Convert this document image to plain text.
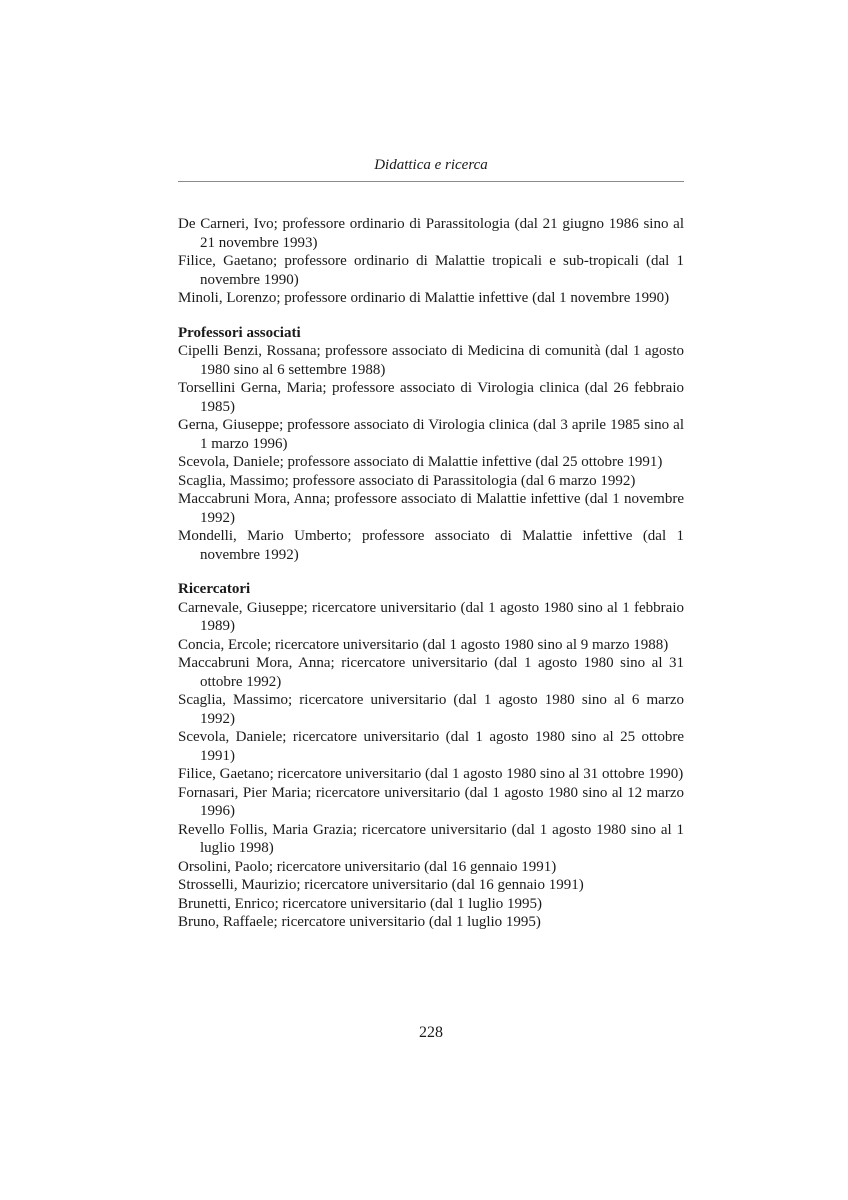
Didattica e ricerca

De Carneri, Ivo; professore ordinario di Parassitologia (dal 21 giugno 1986 sino al 21 novembre 1993)

Filice, Gaetano; professore ordinario di Malattie tropicali e sub-tropicali (dal 1 novembre 1990)

Minoli, Lorenzo; professore ordinario di Malattie infettive (dal 1 novembre 1990)

Professori associati

Cipelli Benzi, Rossana; professore associato di Medicina di comunità (dal 1 agosto 1980 sino al 6 settembre 1988)

Torsellini Gerna, Maria; professore associato di Virologia clinica (dal 26 febbraio 1985)

Gerna, Giuseppe; professore associato di Virologia clinica (dal 3 aprile 1985 sino al 1 marzo 1996)

Scevola, Daniele; professore associato di Malattie infettive (dal 25 ottobre 1991)

Scaglia, Massimo; professore associato di Parassitologia (dal 6 marzo 1992)

Maccabruni Mora, Anna; professore associato di Malattie infettive (dal 1 novembre 1992)

Mondelli, Mario Umberto; professore associato di Malattie infettive (dal 1 novembre 1992)

Ricercatori

Carnevale, Giuseppe; ricercatore universitario (dal 1 agosto 1980 sino al 1 febbraio 1989)

Concia, Ercole; ricercatore universitario (dal 1 agosto 1980 sino al 9 marzo 1988)

Maccabruni Mora, Anna; ricercatore universitario (dal 1 agosto 1980 sino al 31 ottobre 1992)

Scaglia, Massimo; ricercatore universitario (dal 1 agosto 1980 sino al 6 marzo 1992)

Scevola, Daniele; ricercatore universitario (dal 1 agosto 1980 sino al 25 ottobre 1991)

Filice, Gaetano; ricercatore universitario (dal 1 agosto 1980 sino al 31 ottobre 1990)

Fornasari, Pier Maria; ricercatore universitario (dal 1 agosto 1980 sino al 12 marzo 1996)

Revello Follis, Maria Grazia; ricercatore universitario (dal 1 agosto 1980 sino al 1 luglio 1998)

Orsolini, Paolo; ricercatore universitario (dal 16 gennaio 1991)

Strosselli, Maurizio; ricercatore universitario (dal 16 gennaio 1991)

Brunetti, Enrico; ricercatore universitario (dal 1 luglio 1995)

Bruno, Raffaele; ricercatore universitario (dal 1 luglio 1995)

228
